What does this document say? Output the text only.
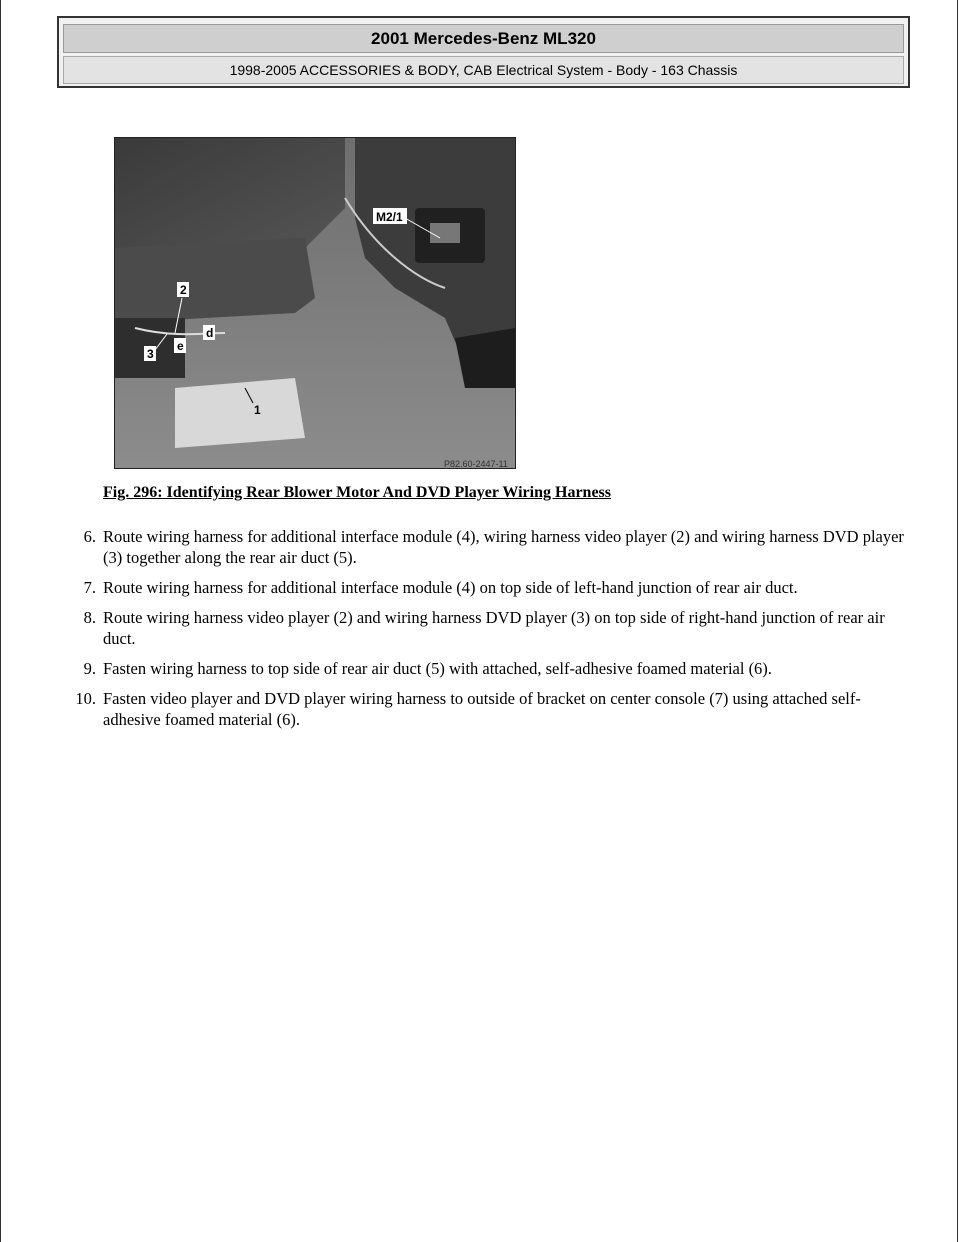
2001 Mercedes-Benz ML320
1998-2005 ACCESSORIES & BODY, CAB Electrical System - Body - 163 Chassis
M2/1
2
d
3
e
1
P82.60-2447-11
Fig. 296: Identifying Rear Blower Motor And DVD Player Wiring Harness
6. Route wiring harness for additional interface module (4), wiring harness video player (2) and wiring harness DVD player (3) together along the rear air duct (5).
7. Route wiring harness for additional interface module (4) on top side of left-hand junction of rear air duct.
8. Route wiring harness video player (2) and wiring harness DVD player (3) on top side of right-hand junction of rear air duct.
9. Fasten wiring harness to top side of rear air duct (5) with attached, self-adhesive foamed material (6).
10. Fasten video player and DVD player wiring harness to outside of bracket on center console (7) using attached self-adhesive foamed material (6).
